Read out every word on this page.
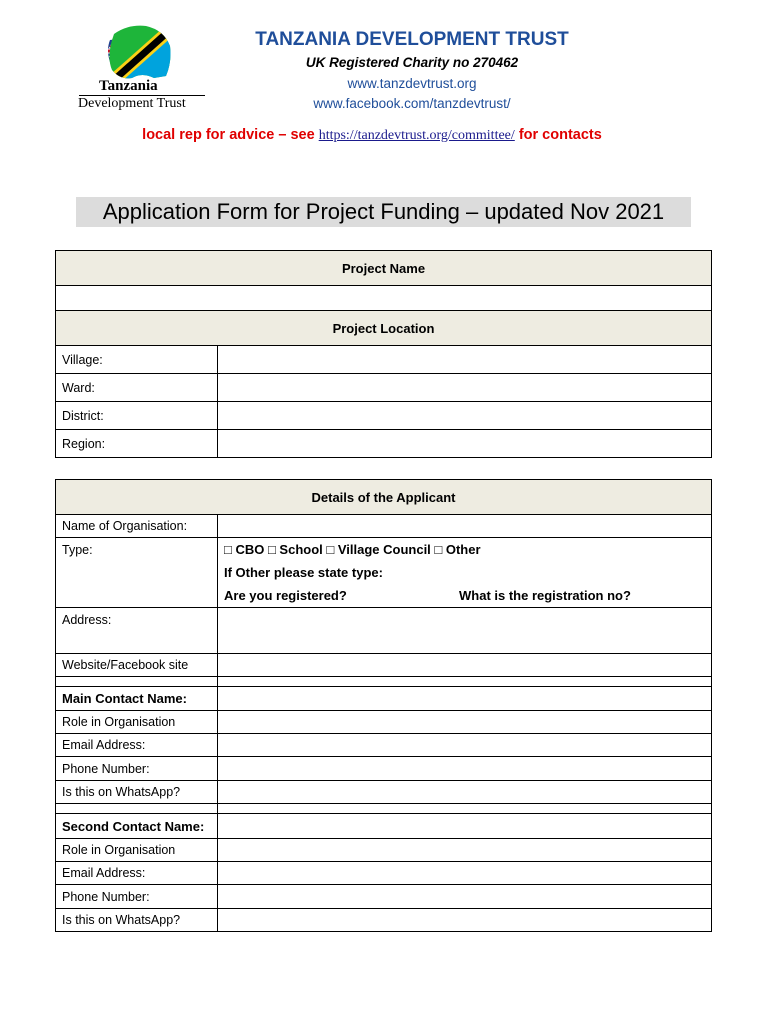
Tanzania
Development Trust
TANZANIA DEVELOPMENT TRUST
UK Registered Charity no 270462
www.tanzdevtrust.org
www.facebook.com/tanzdevtrust/
local rep for advice – see https://tanzdevtrust.org/committee/ for contacts
Application Form for Project Funding – updated Nov 2021
Project Name	

Project Location	
Village:	
Ward:	
District:	
Region:	
Details of the Applicant	
Name of Organisation:	
Type:	□ CBO □ School □ Village Council □ Other
If Other please state type:
Are you registered? What is the registration no?

Address:	
Website/Facebook site	

Main Contact Name:	
Role in Organisation	
Email Address:	
Phone Number:	
Is this on WhatsApp?	

Second Contact Name:	
Role in Organisation	
Email Address:	
Phone Number:	
Is this on WhatsApp?	
